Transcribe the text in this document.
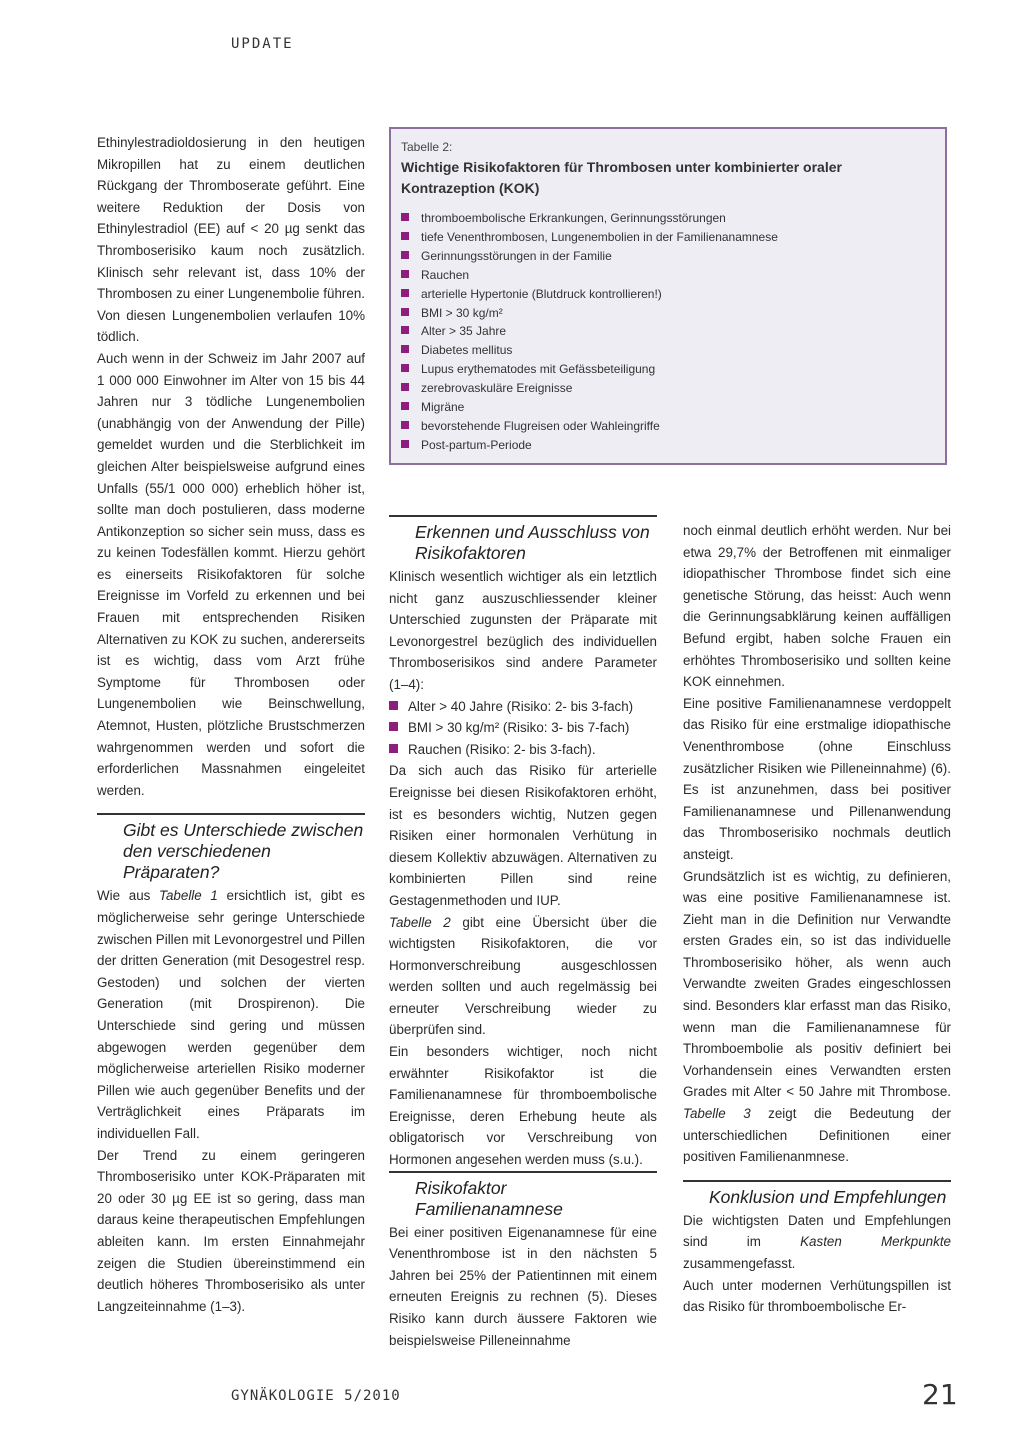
UPDATE

Ethinylestradioldosierung in den heutigen Mikropillen hat zu einem deutlichen Rückgang der Thromboserate geführt. Eine weitere Reduktion der Dosis von Ethinylestradiol (EE) auf < 20 µg senkt das Thromboserisiko kaum noch zusätzlich. Klinisch sehr relevant ist, dass 10% der Thrombosen zu einer Lungenembolie führen. Von diesen Lungenembolien verlaufen 10% tödlich.

Auch wenn in der Schweiz im Jahr 2007 auf 1 000 000 Einwohner im Alter von 15 bis 44 Jahren nur 3 tödliche Lungenembolien (unabhängig von der Anwendung der Pille) gemeldet wurden und die Sterblichkeit im gleichen Alter beispielsweise aufgrund eines Unfalls (55/1 000 000) erheblich höher ist, sollte man doch postulieren, dass moderne Antikonzeption so sicher sein muss, dass es zu keinen Todesfällen kommt. Hierzu gehört es einerseits Risikofaktoren für solche Ereignisse im Vorfeld zu erkennen und bei Frauen mit entsprechenden Risiken Alternativen zu KOK zu suchen, andererseits ist es wichtig, dass vom Arzt frühe Symptome für Thrombosen oder Lungenembolien wie Beinschwellung, Atemnot, Husten, plötzliche Brustschmerzen wahrgenommen werden und sofort die erforderlichen Massnahmen eingeleitet werden.

Gibt es Unterschiede zwischen den verschiedenen Präparaten?

Wie aus Tabelle 1 ersichtlich ist, gibt es möglicherweise sehr geringe Unterschiede zwischen Pillen mit Levonorgestrel und Pillen der dritten Generation (mit Desogestrel resp. Gestoden) und solchen der vierten Generation (mit Drospirenon). Die Unterschiede sind gering und müssen abgewogen werden gegenüber dem möglicherweise arteriellen Risiko moderner Pillen wie auch gegenüber Benefits und der Verträglichkeit eines Präparats im individuellen Fall.

Der Trend zu einem geringeren Thromboserisiko unter KOK-Präparaten mit 20 oder 30 µg EE ist so gering, dass man daraus keine therapeutischen Empfehlungen ableiten kann. Im ersten Einnahmejahr zeigen die Studien übereinstimmend ein deutlich höheres Thromboserisiko als unter Langzeiteinnahme (1–3).

Tabelle 2:
Wichtige Risikofaktoren für Thrombosen unter kombinierter oraler Kontrazeption (KOK)
thromboembolische Erkrankungen, Gerinnungsstörungen
tiefe Venenthrombosen, Lungenembolien in der Familienanamnese
Gerinnungsstörungen in der Familie
Rauchen
arterielle Hypertonie (Blutdruck kontrollieren!)
BMI > 30 kg/m²
Alter > 35 Jahre
Diabetes mellitus
Lupus erythematodes mit Gefässbeteiligung
zerebrovaskuläre Ereignisse
Migräne
bevorstehende Flugreisen oder Wahleingriffe
Post-partum-Periode
Erkennen und Ausschluss von Risikofaktoren

Klinisch wesentlich wichtiger als ein letztlich nicht ganz auszuschliessender kleiner Unterschied zugunsten der Präparate mit Levonorgestrel bezüglich des individuellen Thromboserisikos sind andere Parameter (1–4):

Alter > 40 Jahre (Risiko: 2- bis 3-fach)
BMI > 30 kg/m² (Risiko: 3- bis 7-fach)
Rauchen (Risiko: 2- bis 3-fach).

Da sich auch das Risiko für arterielle Ereignisse bei diesen Risikofaktoren erhöht, ist es besonders wichtig, Nutzen gegen Risiken einer hormonalen Verhütung in diesem Kollektiv abzuwägen. Alternativen zu kombinierten Pillen sind reine Gestagenmethoden und IUP.

Tabelle 2 gibt eine Übersicht über die wichtigsten Risikofaktoren, die vor Hormonverschreibung ausgeschlossen werden sollten und auch regelmässig bei erneuter Verschreibung wieder zu überprüfen sind.

Ein besonders wichtiger, noch nicht erwähnter Risikofaktor ist die Familienanamnese für thromboembolische Ereignisse, deren Erhebung heute als obligatorisch vor Verschreibung von Hormonen angesehen werden muss (s.u.).

Risikofaktor Familienanamnese

Bei einer positiven Eigenanamnese für eine Venenthrombose ist in den nächsten 5 Jahren bei 25% der Patientinnen mit einem erneuten Ereignis zu rechnen (5). Dieses Risiko kann durch äussere Faktoren wie beispielsweise Pilleneinnahme

noch einmal deutlich erhöht werden. Nur bei etwa 29,7% der Betroffenen mit einmaliger idiopathischer Thrombose findet sich eine genetische Störung, das heisst: Auch wenn die Gerinnungsabklärung keinen auffälligen Befund ergibt, haben solche Frauen ein erhöhtes Thromboserisiko und sollten keine KOK einnehmen.

Eine positive Familienanamnese verdoppelt das Risiko für eine erstmalige idiopathische Venenthrombose (ohne Einschluss zusätzlicher Risiken wie Pilleneinnahme) (6). Es ist anzunehmen, dass bei positiver Familienanamnese und Pillenanwendung das Thromboserisiko nochmals deutlich ansteigt.

Grundsätzlich ist es wichtig, zu definieren, was eine positive Familienanamnese ist. Zieht man in die Definition nur Verwandte ersten Grades ein, so ist das individuelle Thromboserisiko höher, als wenn auch Verwandte zweiten Grades eingeschlossen sind. Besonders klar erfasst man das Risiko, wenn man die Familienanamnese für Thromboembolie als positiv definiert bei Vorhandensein eines Verwandten ersten Grades mit Alter < 50 Jahre mit Thrombose. Tabelle 3 zeigt die Bedeutung der unterschiedlichen Definitionen einer positiven Familienanmnese.

Konklusion und Empfehlungen

Die wichtigsten Daten und Empfehlungen sind im Kasten Merkpunkte zusammengefasst.

Auch unter modernen Verhütungspillen ist das Risiko für thromboembolische Er-

GYNÄKOLOGIE 5/2010	21
